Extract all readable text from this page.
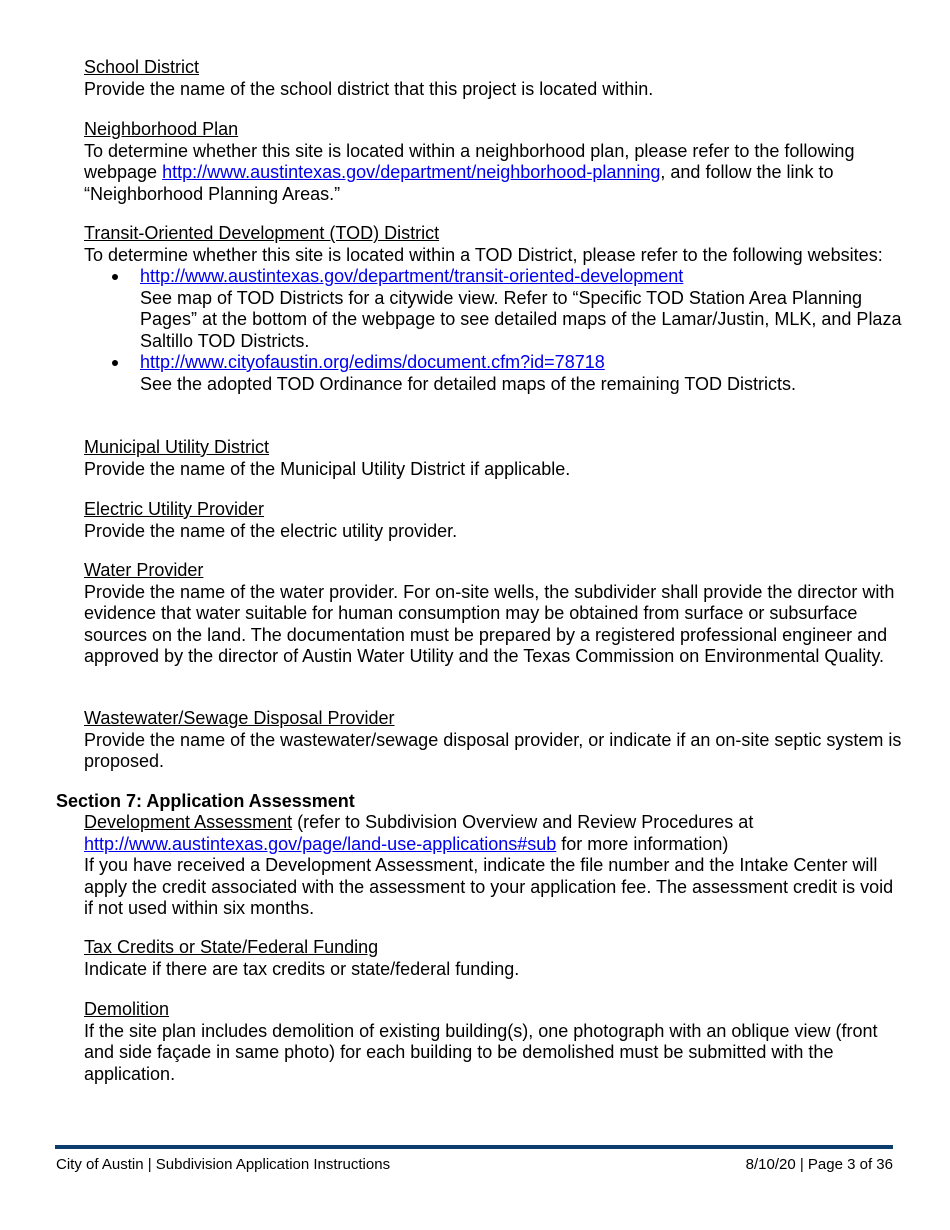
School District
Provide the name of the school district that this project is located within.
Neighborhood Plan
To determine whether this site is located within a neighborhood plan, please refer to the following webpage http://www.austintexas.gov/department/neighborhood-planning, and follow the link to “Neighborhood Planning Areas.”
Transit-Oriented Development (TOD) District
To determine whether this site is located within a TOD District, please refer to the following websites:
http://www.austintexas.gov/department/transit-oriented-development
See map of TOD Districts for a citywide view. Refer to “Specific TOD Station Area Planning Pages” at the bottom of the webpage to see detailed maps of the Lamar/Justin, MLK, and Plaza Saltillo TOD Districts.
http://www.cityofaustin.org/edims/document.cfm?id=78718
See the adopted TOD Ordinance for detailed maps of the remaining TOD Districts.
Municipal Utility District
Provide the name of the Municipal Utility District if applicable.
Electric Utility Provider
Provide the name of the electric utility provider.
Water Provider
Provide the name of the water provider. For on-site wells, the subdivider shall provide the director with evidence that water suitable for human consumption may be obtained from surface or subsurface sources on the land. The documentation must be prepared by a registered professional engineer and approved by the director of Austin Water Utility and the Texas Commission on Environmental Quality.
Wastewater/Sewage Disposal Provider
Provide the name of the wastewater/sewage disposal provider, or indicate if an on-site septic system is proposed.
Section 7: Application Assessment
Development Assessment (refer to Subdivision Overview and Review Procedures at http://www.austintexas.gov/page/land-use-applications#sub for more information)
If you have received a Development Assessment, indicate the file number and the Intake Center will apply the credit associated with the assessment to your application fee. The assessment credit is void if not used within six months.
Tax Credits or State/Federal Funding
Indicate if there are tax credits or state/federal funding.
Demolition
If the site plan includes demolition of existing building(s), one photograph with an oblique view (front and side façade in same photo) for each building to be demolished must be submitted with the application.
City of Austin | Subdivision Application Instructions	8/10/20 | Page 3 of 36
